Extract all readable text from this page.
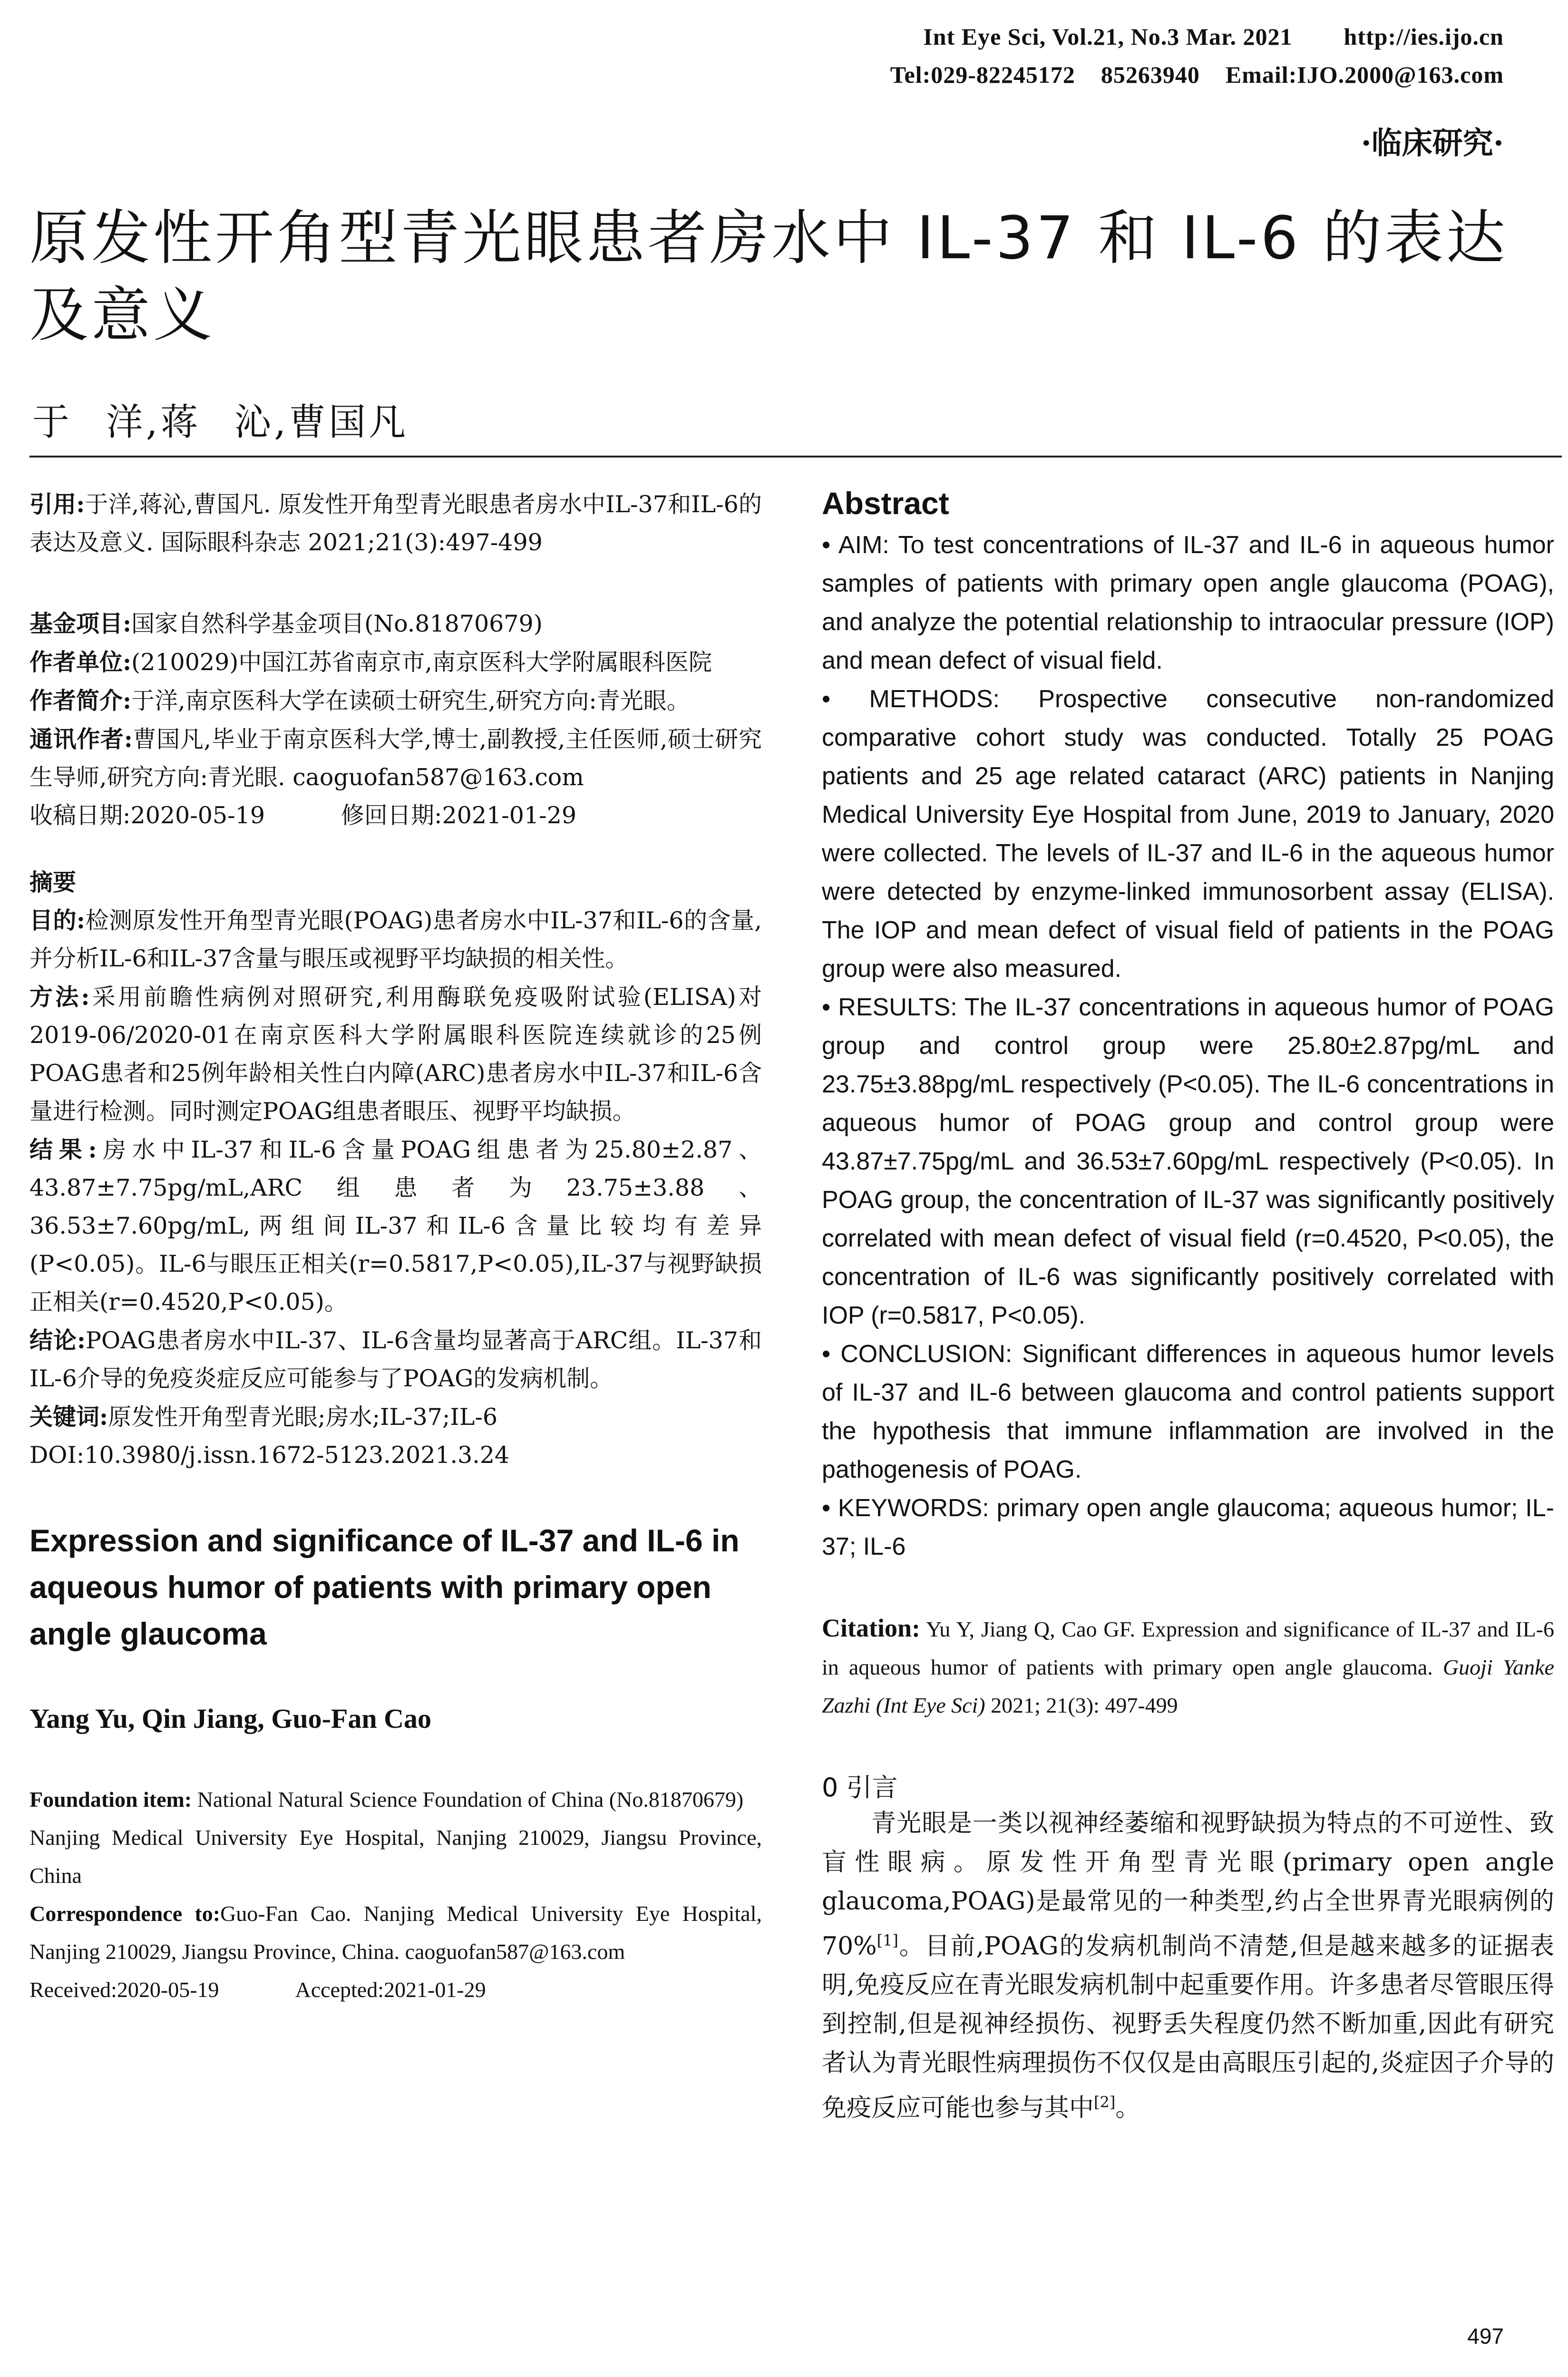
Int Eye Sci, Vol.21, No.3 Mar. 2021        http://ies.ijo.cn
Tel:029-82245172    85263940    Email:IJO.2000@163.com
·临床研究·
原发性开角型青光眼患者房水中 IL-37 和 IL-6 的表达及意义
于 洋,蒋 沁,曹国凡

引用:于洋,蒋沁,曹国凡. 原发性开角型青光眼患者房水中IL-37和IL-6的表达及意义. 国际眼科杂志 2021;21(3):497-499

基金项目:国家自然科学基金项目(No.81870679)

作者单位:(210029)中国江苏省南京市,南京医科大学附属眼科医院

作者简介:于洋,南京医科大学在读硕士研究生,研究方向:青光眼。

通讯作者:曹国凡,毕业于南京医科大学,博士,副教授,主任医师,硕士研究生导师,研究方向:青光眼. caoguofan587@163.com

收稿日期:2020-05-19	修回日期:2021-01-29

摘要

目的:检测原发性开角型青光眼(POAG)患者房水中IL-37和IL-6的含量,并分析IL-6和IL-37含量与眼压或视野平均缺损的相关性。

方法:采用前瞻性病例对照研究,利用酶联免疫吸附试验(ELISA)对2019-06/2020-01在南京医科大学附属眼科医院连续就诊的25例POAG患者和25例年龄相关性白内障(ARC)患者房水中IL-37和IL-6含量进行检测。同时测定POAG组患者眼压、视野平均缺损。

结果:房水中IL-37和IL-6含量POAG组患者为25.80±2.87、43.87±7.75pg/mL,ARC组患者为23.75±3.88、36.53±7.60pg/mL,两组间IL-37和IL-6含量比较均有差异(P<0.05)。IL-6与眼压正相关(r=0.5817,P<0.05),IL-37与视野缺损正相关(r=0.4520,P<0.05)。

结论:POAG患者房水中IL-37、IL-6含量均显著高于ARC组。IL-37和IL-6介导的免疫炎症反应可能参与了POAG的发病机制。

关键词:原发性开角型青光眼;房水;IL-37;IL-6

DOI:10.3980/j.issn.1672-5123.2021.3.24

Expression and significance of IL-37 and IL-6 in aqueous humor of patients with primary open angle glaucoma

Yang Yu, Qin Jiang, Guo-Fan Cao

Foundation item: National Natural Science Foundation of China (No.81870679)

Nanjing Medical University Eye Hospital, Nanjing 210029, Jiangsu Province, China

Correspondence to:Guo-Fan Cao. Nanjing Medical University Eye Hospital, Nanjing 210029, Jiangsu Province, China. caoguofan587@163.com

Received:2020-05-19	Accepted:2021-01-29

Abstract

• AIM: To test concentrations of IL-37 and IL-6 in aqueous humor samples of patients with primary open angle glaucoma (POAG), and analyze the potential relationship to intraocular pressure (IOP) and mean defect of visual field.

• METHODS: Prospective consecutive non-randomized comparative cohort study was conducted. Totally 25 POAG patients and 25 age related cataract (ARC) patients in Nanjing Medical University Eye Hospital from June, 2019 to January, 2020 were collected. The levels of IL-37 and IL-6 in the aqueous humor were detected by enzyme-linked immunosorbent assay (ELISA). The IOP and mean defect of visual field of patients in the POAG group were also measured.

• RESULTS: The IL-37 concentrations in aqueous humor of POAG group and control group were 25.80±2.87pg/mL and 23.75±3.88pg/mL respectively (P<0.05). The IL-6 concentrations in aqueous humor of POAG group and control group were 43.87±7.75pg/mL and 36.53±7.60pg/mL respectively (P<0.05). In POAG group, the concentration of IL-37 was significantly positively correlated with mean defect of visual field (r=0.4520, P<0.05), the concentration of IL-6 was significantly positively correlated with IOP (r=0.5817, P<0.05).

• CONCLUSION: Significant differences in aqueous humor levels of IL-37 and IL-6 between glaucoma and control patients support the hypothesis that immune inflammation are involved in the pathogenesis of POAG.

• KEYWORDS: primary open angle glaucoma; aqueous humor; IL-37; IL-6

Citation: Yu Y, Jiang Q, Cao GF. Expression and significance of IL-37 and IL-6 in aqueous humor of patients with primary open angle glaucoma. Guoji Yanke Zazhi (Int Eye Sci) 2021; 21(3): 497-499

0 引言

青光眼是一类以视神经萎缩和视野缺损为特点的不可逆性、致盲性眼病。原发性开角型青光眼(primary open angle glaucoma,POAG)是最常见的一种类型,约占全世界青光眼病例的70%[1]。目前,POAG的发病机制尚不清楚,但是越来越多的证据表明,免疫反应在青光眼发病机制中起重要作用。许多患者尽管眼压得到控制,但是视神经损伤、视野丢失程度仍然不断加重,因此有研究者认为青光眼性病理损伤不仅仅是由高眼压引起的,炎症因子介导的免疫反应可能也参与其中[2]。

497
